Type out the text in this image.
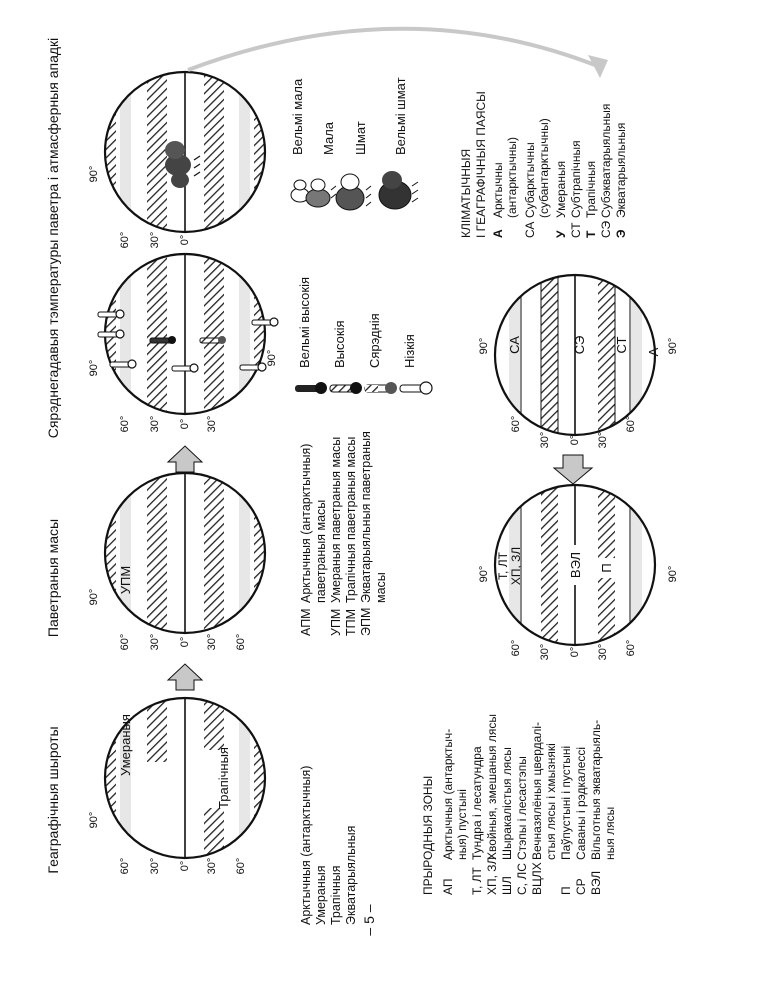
Умераныя
Трапічныя
УПМ
ВЭЛ П
Т, ЛТ ХП, ЗЛ
СА	СЭ СТ А
90°
60° 30° 0° 30° 60°
90°
60° 30° 0° 30° 60°
90°
60° 30° 0° 30°
90°
90°
60° 30° 0°
90°
60° 30° 0° 30° 60°
90°
90°
60°
30° 0° 30°
60°
90°
Геаграфічныя шыроты
Паветраныя масы
Сярэднегадавыя тэмпературы паветра і атмасферныя ападкі
Арктычныя (антарктычныя) Умераныя Трапічныя Экватарыяльныя
АПМ
Арктычныя (антарктычныя) паветраныя масы
УПМ
Умераныя паветраныя масы
ТПМ
Трапічныя паветраныя масы
ЭПМ
Экватарыяльныя паветраныя масы
Вельмі высокія Высокія Сярэднія Нізкія
Вельмі мала Мала Шмат Вельмі шмат
ПРЫРОДНЫЯ ЗОНЫ АП
Арктычныя (антарктыч- ныя) пустыні
Т, ЛТ
Тундра і лесатундра
ХП, ЗЛ
Хвойныя, змешаныя лясы
ШЛ
Шыракалістыя лясы
С, ЛС
Стэпы і лесастэпы
ВЦЛХ
Вечназялёныя цвердалі- стыя лясы і хмызнякі
П
Паўпустыні і пустыні
СР
Саваны і рэдкалессі
ВЭЛ
Вільготныя экватарыяль- ныя лясы
КЛІМАТЫЧНЫЯ І ГЕАГРАФІЧНЫЯ ПАЯСЫ А
Арктычны (антарктычны)
СА
Субарктычны (субантарктычны)
У
Умераныя
СТ
Субтрапічныя
Т
Трапічныя
СЭ
Субэкватарыяльныя
Э
Экватарыяльныя
– 5 –
